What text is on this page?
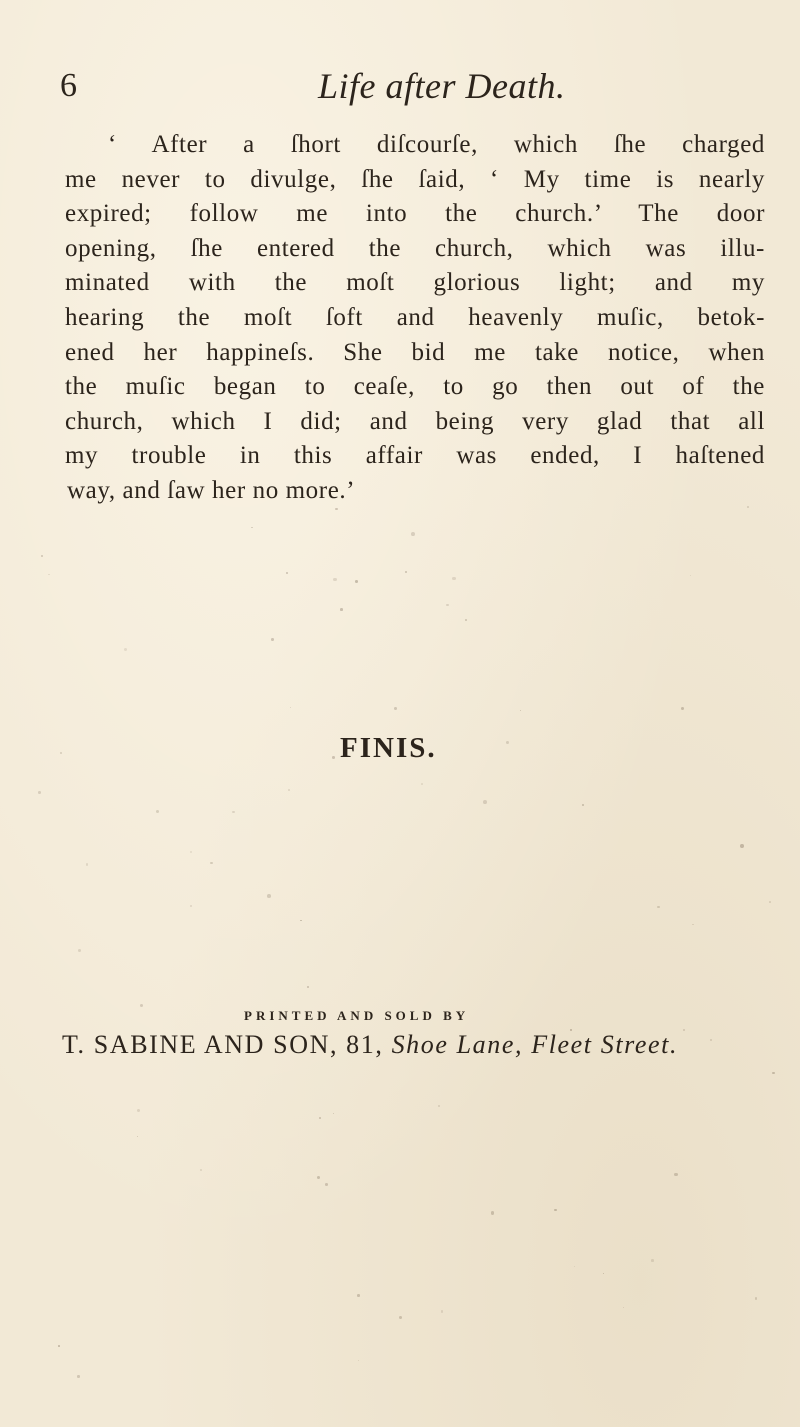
6	Life after Death.
‘ After a ſhort diſcourſe, which ſhe charged
me never to divulge, ſhe ſaid, ‘ My time is nearly
expired; follow me into the church.’ The door
opening, ſhe entered the church, which was illu-
minated with the moſt glorious light; and my
hearing the moſt ſoft and heavenly muſic, betok-
ened her happineſs. She bid me take notice, when
the muſic began to ceaſe, to go then out of the
church, which I did; and being very glad that all
my trouble in this affair was ended, I haſtened
way, and ſaw her no more.’
FINIS.
PRINTED AND SOLD BY
T. SABINE AND SON, 81, Shoe Lane, Fleet Street.
